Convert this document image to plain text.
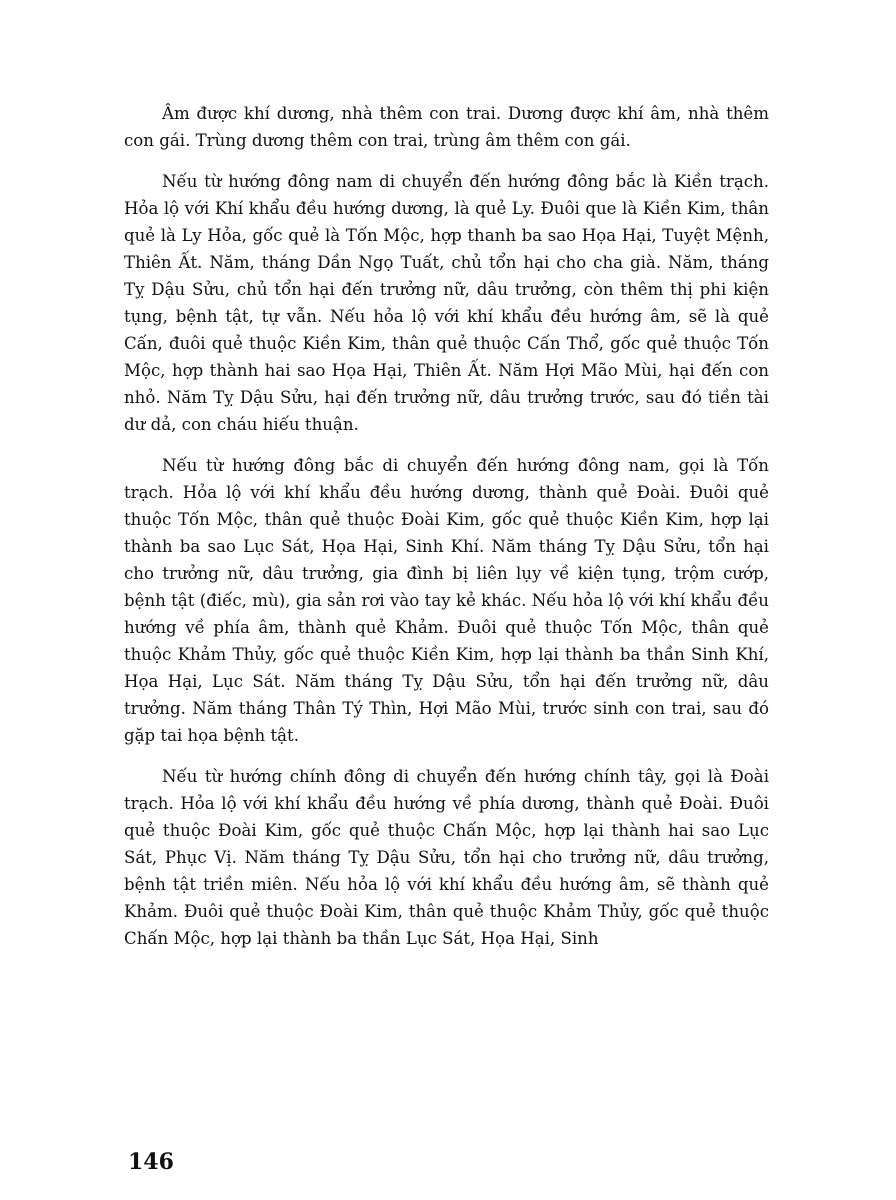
Âm được khí dương, nhà thêm con trai. Dương được khí âm, nhà thêm con gái. Trùng dương thêm con trai, trùng âm thêm con gái.

Nếu từ hướng đông nam di chuyển đến hướng đông bắc là Kiền trạch. Hỏa lộ với Khí khẩu đều hướng dương, là quẻ Ly. Đuôi que là Kiền Kim, thân quẻ là Ly Hỏa, gốc quẻ là Tốn Mộc, hợp thanh ba sao Họa Hại, Tuyệt Mệnh, Thiên Ất. Năm, tháng Dần Ngọ Tuất, chủ tổn hại cho cha già. Năm, tháng Tỵ Dậu Sửu, chủ tổn hại đến trưởng nữ, dâu trưởng, còn thêm thị phi kiện tụng, bệnh tật, tự vẫn. Nếu hỏa lộ với khí khẩu đều hướng âm, sẽ là quẻ Cấn, đuôi quẻ thuộc Kiền Kim, thân quẻ thuộc Cấn Thổ, gốc quẻ thuộc Tốn Mộc, hợp thành hai sao Họa Hại, Thiên Ất. Năm Hợi Mão Mùi, hại đến con nhỏ. Năm Tỵ Dậu Sửu, hại đến trưởng nữ, dâu trưởng trước, sau đó tiền tài dư dả, con cháu hiếu thuận.

Nếu từ hướng đông bắc di chuyển đến hướng đông nam, gọi là Tốn trạch. Hỏa lộ với khí khẩu đều hướng dương, thành quẻ Đoài. Đuôi quẻ thuộc Tốn Mộc, thân quẻ thuộc Đoài Kim, gốc quẻ thuộc Kiền Kim, hợp lại thành ba sao Lục Sát, Họa Hại, Sinh Khí. Năm tháng Tỵ Dậu Sửu, tổn hại cho trưởng nữ, dâu trưởng, gia đình bị liên lụy về kiện tụng, trộm cướp, bệnh tật (điếc, mù), gia sản rơi vào tay kẻ khác. Nếu hỏa lộ với khí khẩu đều hướng về phía âm, thành quẻ Khảm. Đuôi quẻ thuộc Tốn Mộc, thân quẻ thuộc Khảm Thủy, gốc quẻ thuộc Kiền Kim, hợp lại thành ba thần Sinh Khí, Họa Hại, Lục Sát. Năm tháng Tỵ Dậu Sửu, tổn hại đến trưởng nữ, dâu trưởng. Năm tháng Thân Tý Thìn, Hợi Mão Mùi, trước sinh con trai, sau đó gặp tai họa bệnh tật.

Nếu từ hướng chính đông di chuyển đến hướng chính tây, gọi là Đoài trạch. Hỏa lộ với khí khẩu đều hướng về phía dương, thành quẻ Đoài. Đuôi quẻ thuộc Đoài Kim, gốc quẻ thuộc Chấn Mộc, hợp lại thành hai sao Lục Sát, Phục Vị. Năm tháng Tỵ Dậu Sửu, tổn hại cho trưởng nữ, dâu trưởng, bệnh tật triền miên. Nếu hỏa lộ với khí khẩu đều hướng âm, sẽ thành quẻ Khảm. Đuôi quẻ thuộc Đoài Kim, thân quẻ thuộc Khảm Thủy, gốc quẻ thuộc Chấn Mộc, hợp lại thành ba thần Lục Sát, Họa Hại, Sinh

146
